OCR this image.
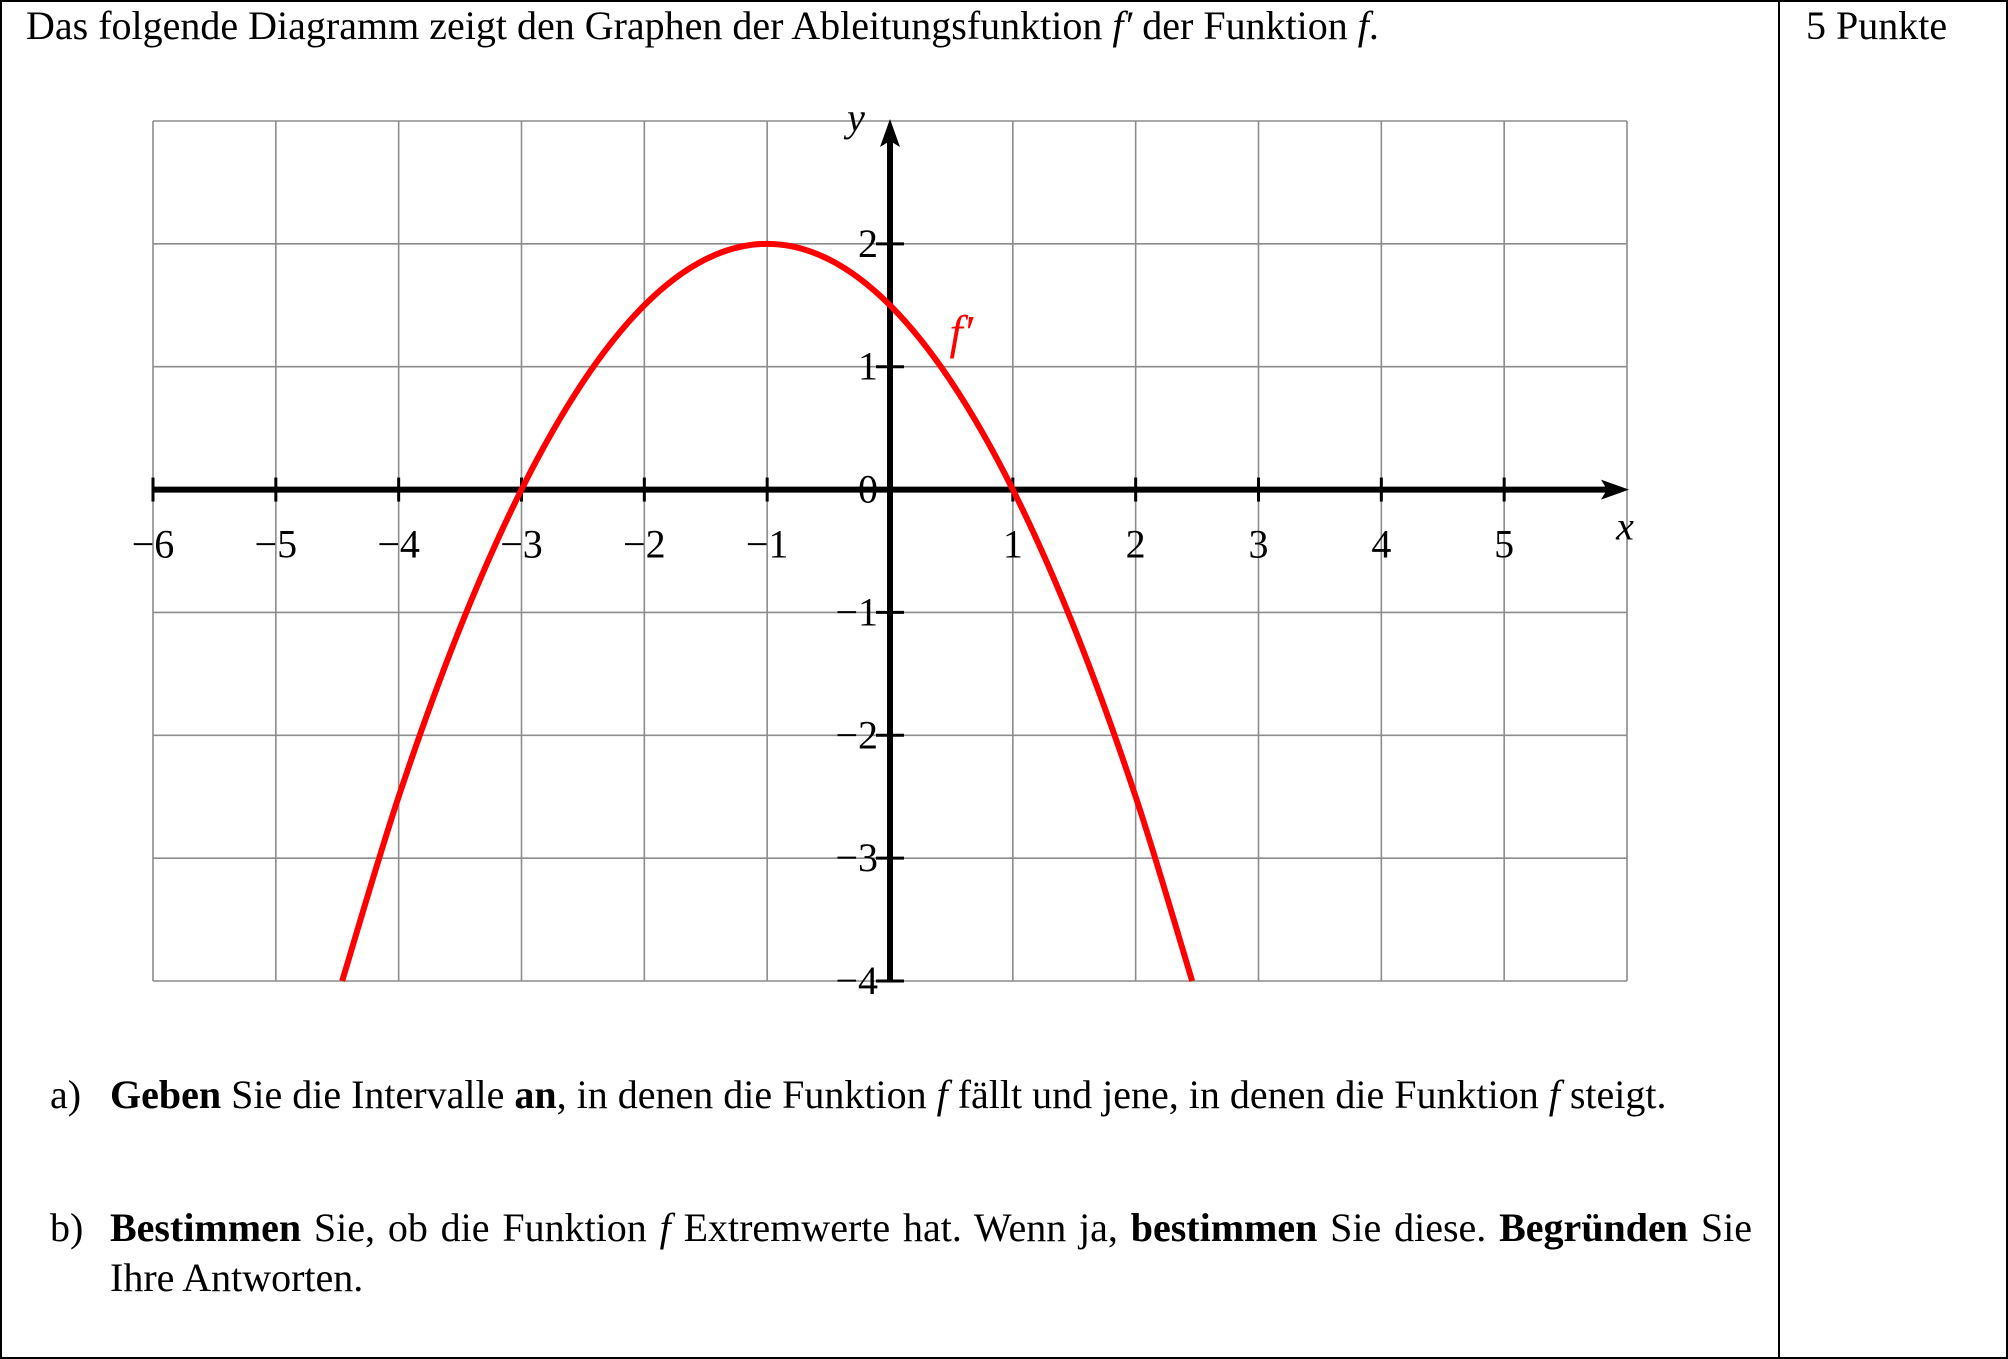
Das folgende Diagramm zeigt den Graphen der Ableitungsfunktion f′ der Funktion f.	5 Punkte
−6 −5 −4 −3 −2 −1	1	2	3	4	5
−4
−3
−2
−1
0
1
2
x
y
f′
a) Geben Sie die Intervalle an, in denen die Funktion f fällt und jene, in denen die Funktion f steigt.
b) Bestimmen Sie, ob die Funktion f Extremwerte hat. Wenn ja, bestimmen Sie diese. Begründen Sie Ihre Antworten.
